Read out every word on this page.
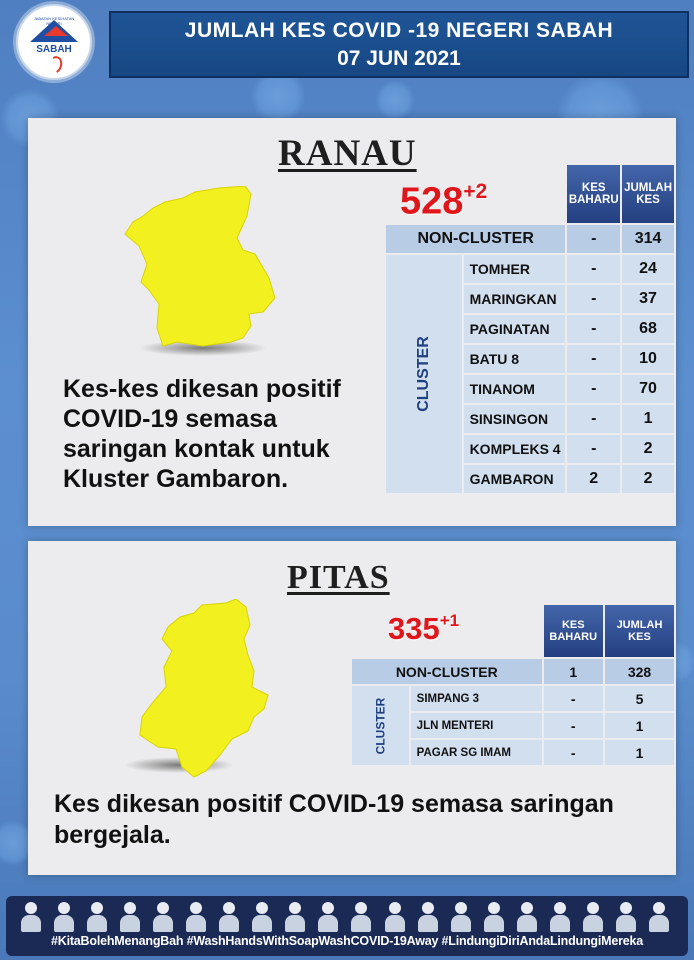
JABATAN KESIHATAN NEGERI
SABAH
JUMLAH KES COVID -19 NEGERI SABAH
07 JUN 2021
RANAU
$528^{+2}$
		KES BAHARU	JUMLAH KES
NON-CLUSTER		-	314
CLUSTER	TOMHER	-	24
	MARINGKAN	-	37
	PAGINATAN	-	68
	BATU 8	-	10
	TINANOM	-	70
	SINSINGON	-	1
	KOMPLEKS 4	-	2
	GAMBARON	2	2
Kes-kes dikesan positif COVID-19 semasa saringan kontak untuk Kluster Gambaron.
PITAS
$335^{+1}$
		KES BAHARU	JUMLAH KES
NON-CLUSTER		1	328
CLUSTER	SIMPANG 3	-	5
	JLN MENTERI	-	1
	PAGAR SG IMAM	-	1
Kes dikesan positif COVID-19 semasa saringan bergejala.
#KitaBolehMenangBah #WashHandsWithSoapWashCOVID-19Away #LindungiDiriAndaLindungiMereka
